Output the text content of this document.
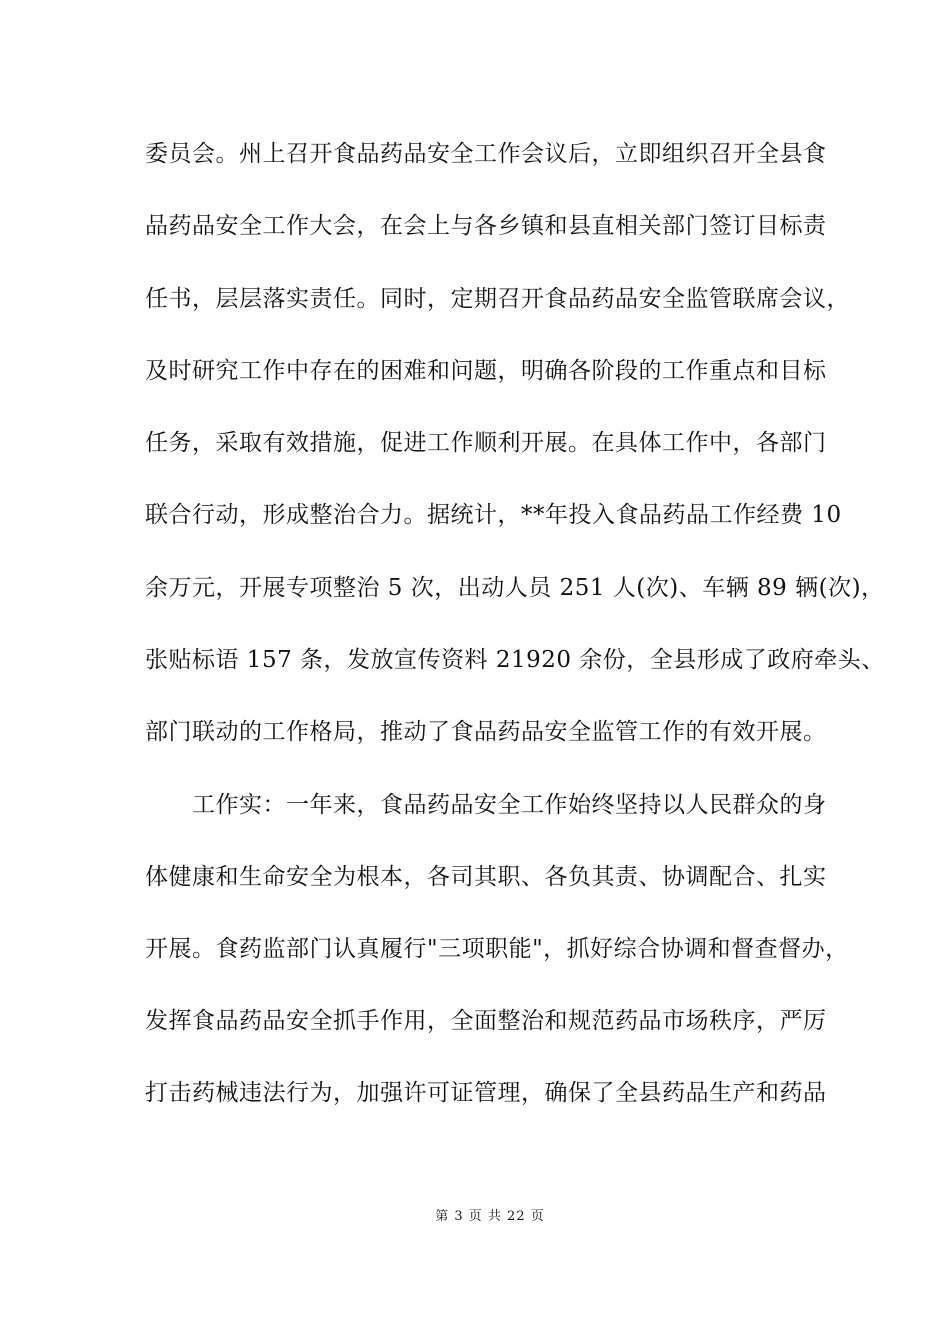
委员会。州上召开食品药品安全工作会议后，立即组织召开全县食
品药品安全工作大会，在会上与各乡镇和县直相关部门签订目标责
任书，层层落实责任。同时，定期召开食品药品安全监管联席会议，
及时研究工作中存在的困难和问题，明确各阶段的工作重点和目标
任务，采取有效措施，促进工作顺利开展。在具体工作中，各部门
联合行动，形成整治合力。据统计，**年投入食品药品工作经费 10
余万元，开展专项整治 5 次，出动人员 251 人(次)、车辆 89 辆(次)，
张贴标语 157 条，发放宣传资料 21920 余份，全县形成了政府牵头、
部门联动的工作格局，推动了食品药品安全监管工作的有效开展。
工作实：一年来，食品药品安全工作始终坚持以人民群众的身
体健康和生命安全为根本，各司其职、各负其责、协调配合、扎实
开展。食药监部门认真履行"三项职能"，抓好综合协调和督查督办，
发挥食品药品安全抓手作用，全面整治和规范药品市场秩序，严厉
打击药械违法行为，加强许可证管理，确保了全县药品生产和药品
第 3 页 共 22 页
